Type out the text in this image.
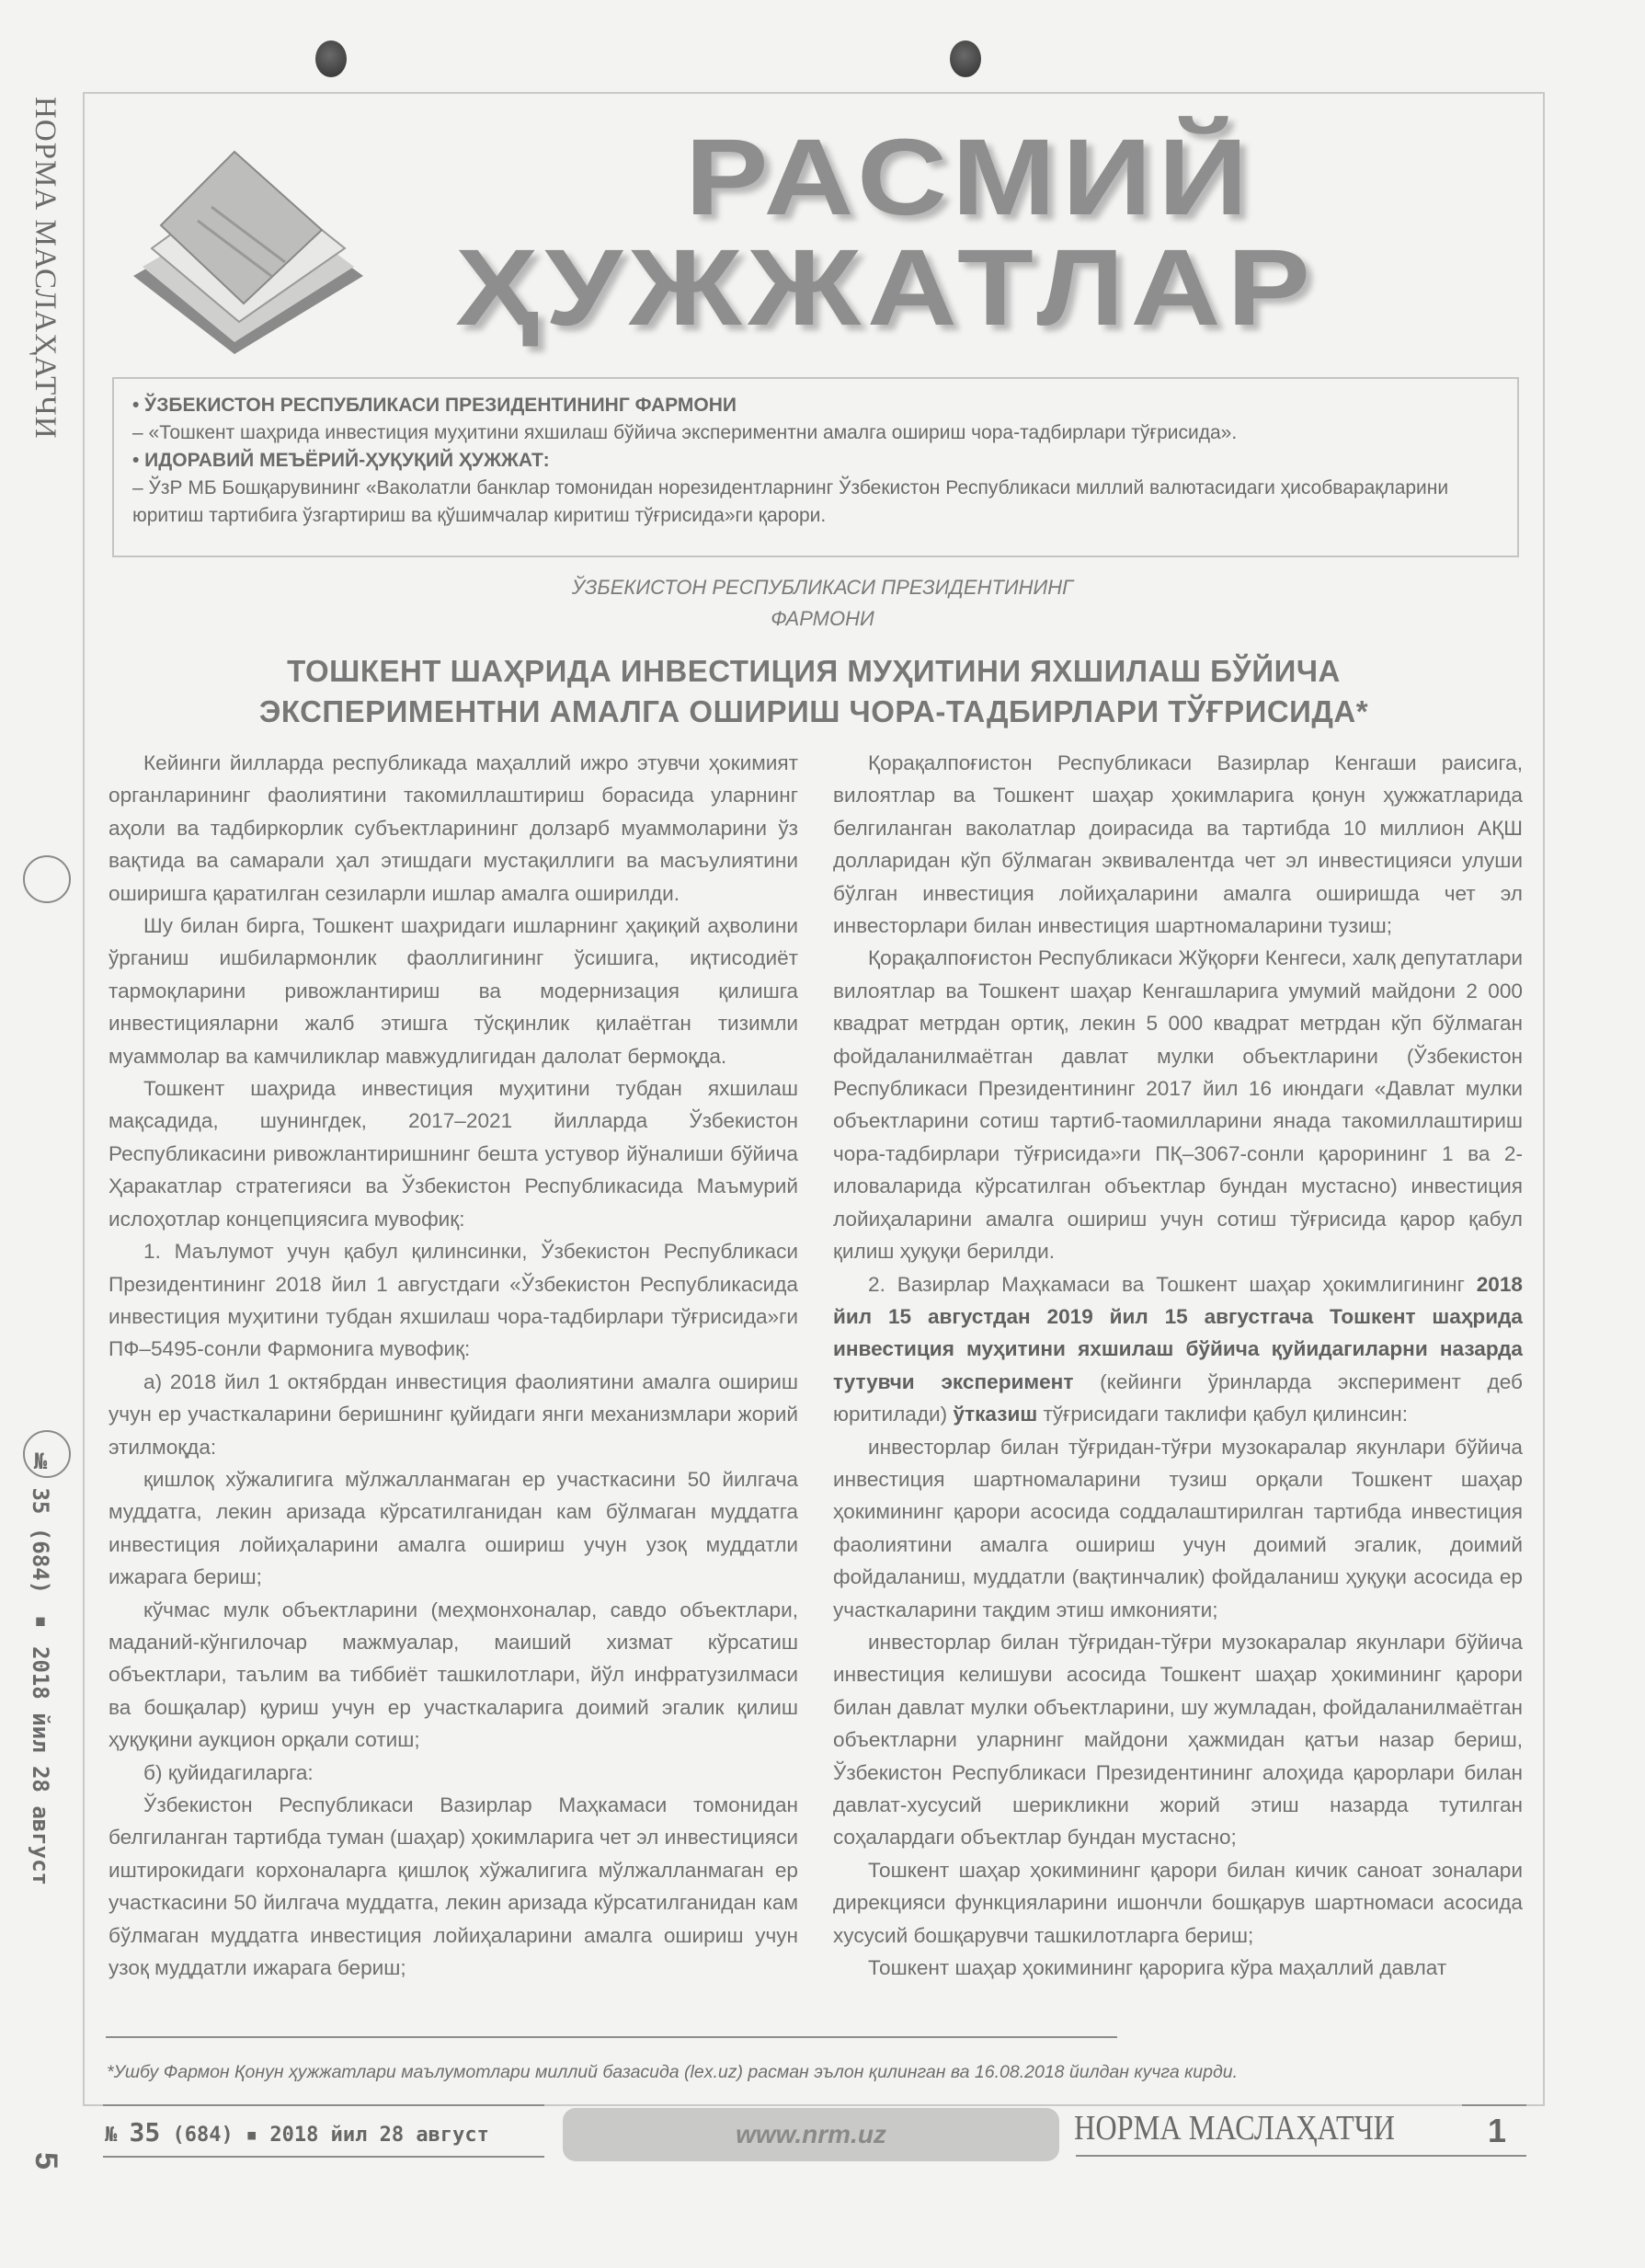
НОРМА МАСЛАҲАТЧИ
№ 35 (684) ▪ 2018 йил 28 август
5
РАСМИЙ
ҲУЖЖАТЛАР
• ЎЗБЕКИСТОН РЕСПУБЛИКАСИ ПРЕЗИДЕНТИНИНГ ФАРМОНИ
– «Тошкент шаҳрида инвестиция муҳитини яхшилаш бўйича экспериментни амалга ошириш чора-тадбирлари тўғрисида».
• ИДОРАВИЙ МЕЪЁРИЙ-ҲУҚУҚИЙ ҲУЖЖАТ:
– ЎзР МБ Бошқарувининг «Ваколатли банклар томонидан норезидентларнинг Ўзбекистон Республикаси миллий валютасидаги ҳисобварақларини юритиш тартибига ўзгартириш ва қўшимчалар киритиш тўғрисида»ги қарори.
ЎЗБЕКИСТОН РЕСПУБЛИКАСИ ПРЕЗИДЕНТИНИНГ
ФАРМОНИ
ТОШКЕНТ ШАҲРИДА ИНВЕСТИЦИЯ МУҲИТИНИ ЯХШИЛАШ БЎЙИЧА
ЭКСПЕРИМЕНТНИ АМАЛГА ОШИРИШ ЧОРА-ТАДБИРЛАРИ ТЎҒРИСИДА*

Кейинги йилларда республикада маҳаллий ижро этувчи ҳокимият органларининг фаолиятини такомиллаштириш борасида уларнинг аҳоли ва тадбиркорлик субъектларининг долзарб муаммоларини ўз вақтида ва самарали ҳал этишдаги мустақиллиги ва масъулиятини оширишга қаратилган сезиларли ишлар амалга оширилди.

Шу билан бирга, Тошкент шаҳридаги ишларнинг ҳақиқий аҳволини ўрганиш ишбилармонлик фаоллигининг ўсишига, иқтисодиёт тармоқларини ривожлантириш ва модернизация қилишга инвестицияларни жалб этишга тўсқинлик қилаётган тизимли муаммолар ва камчиликлар мавжудлигидан далолат бермоқда.

Тошкент шаҳрида инвестиция муҳитини тубдан яхшилаш мақсадида, шунингдек, 2017–2021 йилларда Ўзбекистон Республикасини ривожлантиришнинг бешта устувор йўналиши бўйича Ҳаракатлар стратегияси ва Ўзбекистон Республикасида Маъмурий ислоҳотлар концепциясига мувофиқ:

1. Маълумот учун қабул қилинсинки, Ўзбекистон Республикаси Президентининг 2018 йил 1 августдаги «Ўзбекистон Республикасида инвестиция муҳитини тубдан яхшилаш чора-тадбирлари тўғрисида»ги ПФ–5495-сонли Фармонига мувофиқ:

а) 2018 йил 1 октябрдан инвестиция фаолиятини амалга ошириш учун ер участкаларини беришнинг қуйидаги янги механизмлари жорий этилмоқда:

қишлоқ хўжалигига мўлжалланмаган ер участкасини 50 йилгача муддатга, лекин аризада кўрсатилганидан кам бўлмаган муддатга инвестиция лойиҳаларини амалга ошириш учун узоқ муддатли ижарага бериш;

кўчмас мулк объектларини (меҳмонхоналар, савдо объектлари, маданий-кўнгилочар мажмуалар, маиший хизмат кўрсатиш объектлари, таълим ва тиббиёт ташкилотлари, йўл инфратузилмаси ва бошқалар) қуриш учун ер участкаларига доимий эгалик қилиш ҳуқуқини аукцион орқали сотиш;

б) қуйидагиларга:

Ўзбекистон Республикаси Вазирлар Маҳкамаси томонидан белгиланган тартибда туман (шаҳар) ҳокимларига чет эл инвестицияси иштирокидаги корхоналарга қишлоқ хўжалигига мўлжалланмаган ер участкасини 50 йилгача муддатга, лекин аризада кўрсатилганидан кам бўлмаган муддатга инвестиция лойиҳаларини амалга ошириш учун узоқ муддатли ижарага бериш;

Қорақалпоғистон Республикаси Вазирлар Кенгаши раисига, вилоятлар ва Тошкент шаҳар ҳокимларига қонун ҳужжатларида белгиланган ваколатлар доирасида ва тартибда 10 миллион АҚШ долларидан кўп бўлмаган эквивалентда чет эл инвестицияси улуши бўлган инвестиция лойиҳаларини амалга оширишда чет эл инвесторлари билан инвестиция шартномаларини тузиш;

Қорақалпоғистон Республикаси Жўқорғи Кенгеси, халқ депутатлари вилоятлар ва Тошкент шаҳар Кенгашларига умумий майдони 2 000 квадрат метрдан ортиқ, лекин 5 000 квадрат метрдан кўп бўлмаган фойдаланилмаётган давлат мулки объектларини (Ўзбекистон Республикаси Президентининг 2017 йил 16 июндаги «Давлат мулки объектларини сотиш тартиб-таомилларини янада такомиллаштириш чора-тадбирлари тўғрисида»ги ПҚ–3067-сонли қарорининг 1 ва 2-иловаларида кўрсатилган объектлар бундан мустасно) инвестиция лойиҳаларини амалга ошириш учун сотиш тўғрисида қарор қабул қилиш ҳуқуқи берилди.

2. Вазирлар Маҳкамаси ва Тошкент шаҳар ҳокимлигининг 2018 йил 15 августдан 2019 йил 15 августгача Тошкент шаҳрида инвестиция муҳитини яхшилаш бўйича қуйидагиларни назарда тутувчи эксперимент (кейинги ўринларда эксперимент деб юритилади) ўтказиш тўғрисидаги таклифи қабул қилинсин:

инвесторлар билан тўғридан-тўғри музокаралар якунлари бўйича инвестиция шартномаларини тузиш орқали Тошкент шаҳар ҳокимининг қарори асосида соддалаштирилган тартибда инвестиция фаолиятини амалга ошириш учун доимий эгалик, доимий фойдаланиш, муддатли (вақтинчалик) фойдаланиш ҳуқуқи асосида ер участкаларини тақдим этиш имконияти;

инвесторлар билан тўғридан-тўғри музокаралар якунлари бўйича инвестиция келишуви асосида Тошкент шаҳар ҳокимининг қарори билан давлат мулки объектларини, шу жумладан, фойдаланилмаётган объектларни уларнинг майдони ҳажмидан қатъи назар бериш, Ўзбекистон Республикаси Президентининг алоҳида қарорлари билан давлат-хусусий шерикликни жорий этиш назарда тутилган соҳалардаги объектлар бундан мустасно;

Тошкент шаҳар ҳокимининг қарори билан кичик саноат зоналари дирекцияси функцияларини ишончли бошқарув шартномаси асосида хусусий бошқарувчи ташкилотларга бериш;

Тошкент шаҳар ҳокимининг қарорига кўра маҳаллий давлат

*Ушбу Фармон Қонун ҳужжатлари маълумотлари миллий базасида (lex.uz) расман эълон қилинган ва 16.08.2018 йилдан кучга кирди.
№ 35 (684) ▪ 2018 йил 28 август	www.nrm.uz	НОРМА МАСЛАҲАТЧИ	1
